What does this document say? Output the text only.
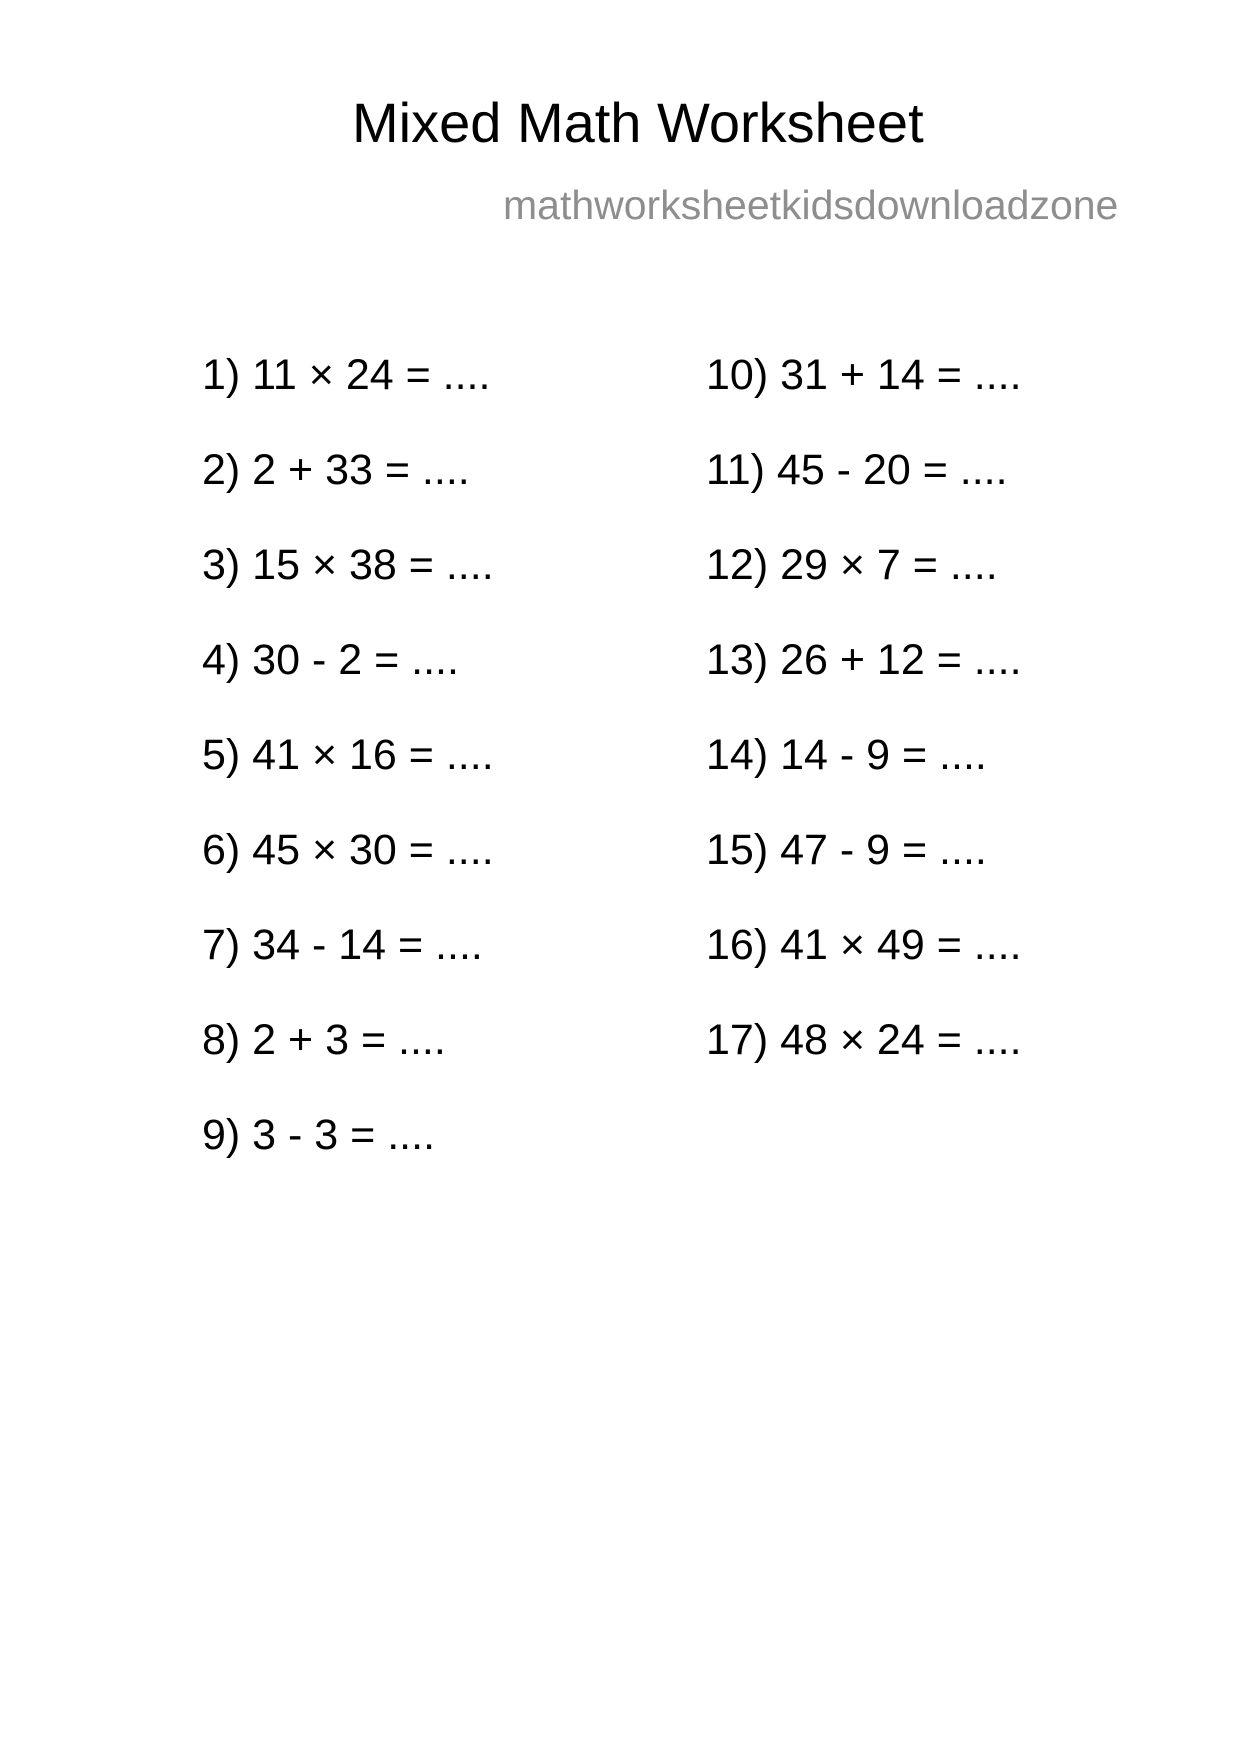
Mixed Math Worksheet
mathworksheetkidsdownloadzone
1) 11 × 24 = ....
2) 2 + 33 = ....
3) 15 × 38 = ....
4) 30 - 2 = ....
5) 41 × 16 = ....
6) 45 × 30 = ....
7) 34 - 14 = ....
8) 2 + 3 = ....
9) 3 - 3 = ....
10) 31 + 14 = ....
11) 45 - 20 = ....
12) 29 × 7 = ....
13) 26 + 12 = ....
14) 14 - 9 = ....
15) 47 - 9 = ....
16) 41 × 49 = ....
17) 48 × 24 = ....
